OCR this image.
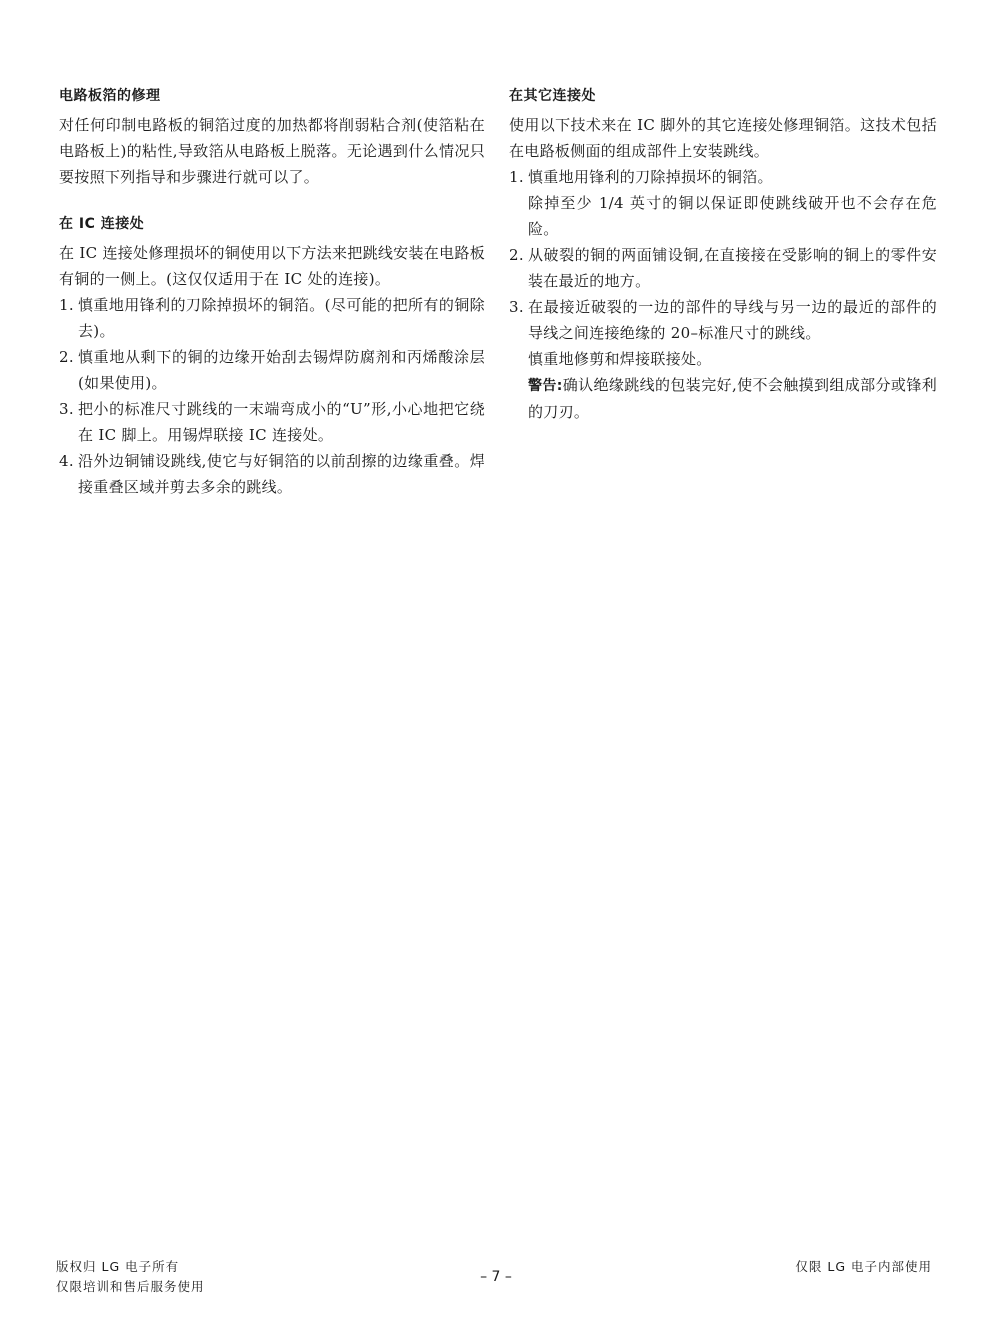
电路板箔的修理

对任何印制电路板的铜箔过度的加热都将削弱粘合剂(使箔粘在电路板上)的粘性,导致箔从电路板上脱落。无论遇到什么情况只要按照下列指导和步骤进行就可以了。

在 IC 连接处

在 IC 连接处修理损坏的铜使用以下方法来把跳线安装在电路板有铜的一侧上。(这仅仅适用于在 IC 处的连接)。

1. 慎重地用锋利的刀除掉损坏的铜箔。(尽可能的把所有的铜除去)。
2. 慎重地从剩下的铜的边缘开始刮去锡焊防腐剂和丙烯酸涂层(如果使用)。
3. 把小的标准尺寸跳线的一末端弯成小的“U”形,小心地把它绕在 IC 脚上。用锡焊联接 IC 连接处。
4. 沿外边铜铺设跳线,使它与好铜箔的以前刮擦的边缘重叠。焊接重叠区域并剪去多余的跳线。
在其它连接处

使用以下技术来在 IC 脚外的其它连接处修理铜箔。这技术包括在电路板侧面的组成部件上安装跳线。

1. 慎重地用锋利的刀除掉损坏的铜箔。
除掉至少 1/4 英寸的铜以保证即使跳线破开也不会存在危险。
2. 从破裂的铜的两面铺设铜,在直接接在受影响的铜上的零件安装在最近的地方。
3. 在最接近破裂的一边的部件的导线与另一边的最近的部件的导线之间连接绝缘的 20–标准尺寸的跳线。
慎重地修剪和焊接联接处。
警告:确认绝缘跳线的包装完好,使不会触摸到组成部分或锋利的刀刃。
版权归 LG 电子所有
仅限培训和售后服务使用
– 7 –
仅限 LG 电子内部使用
